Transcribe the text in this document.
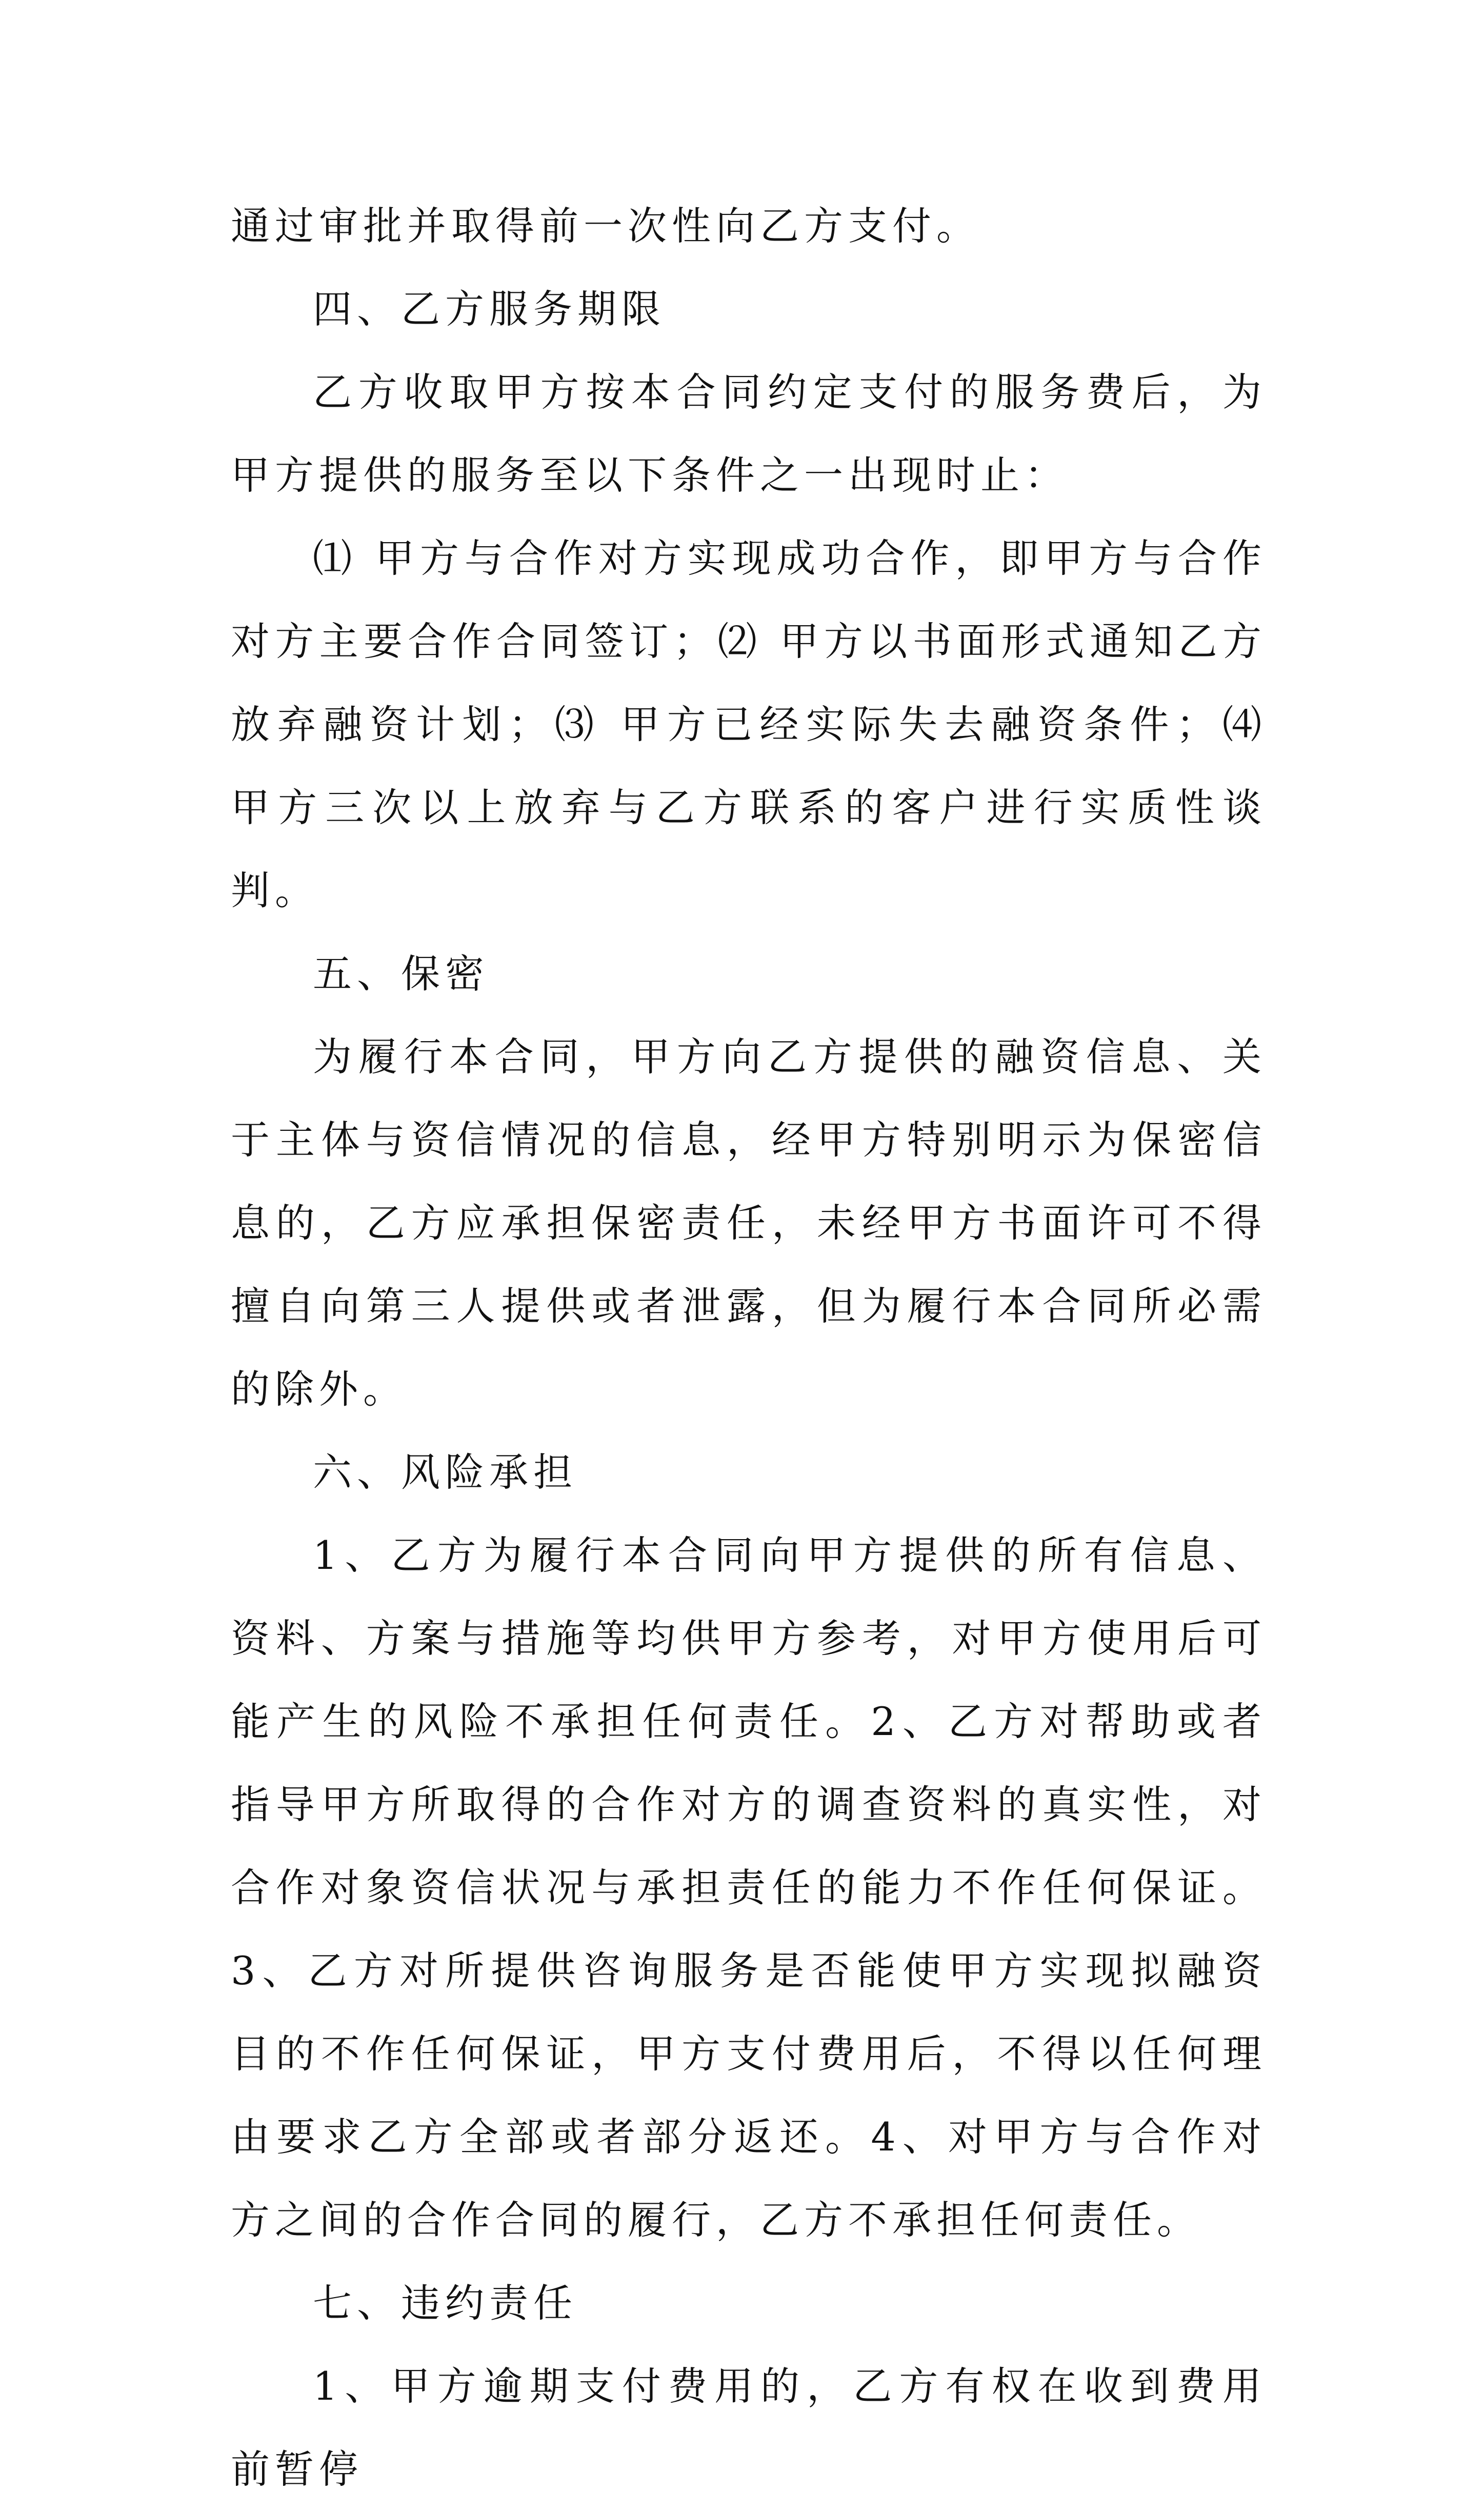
通过审批并取得前一次性向乙方支付。

四、乙方服务期限

乙方收取甲方按本合同约定支付的服务费后，为甲方提供的服务至以下条件之一出现时止：

⑴ 甲方与合作对方实现成功合作，即甲方与合作对方主要合作合同签订；⑵ 甲方以书面形式通知乙方放弃融资计划；⑶ 甲方已经实际失去融资条件；⑷ 甲方三次以上放弃与乙方联系的客户进行实质性谈判。

五、保密

为履行本合同，甲方向乙方提供的融资信息、关于主体与资信情况的信息，经甲方特别明示为保密信息的，乙方应承担保密责任，未经甲方书面许可不得擅自向第三人提供或者泄露，但为履行本合同所必需的除外。

六、风险承担

1、乙方为履行本合同向甲方提供的所有信息、资料、方案与措施等均供甲方参考，对甲方使用后可能产生的风险不承担任何责任。2、乙方对帮助或者指导甲方所取得的合作对方的调查资料的真实性，对合作对象资信状况与承担责任的能力不作任何保证。3、乙方对所提供咨询服务是否能使甲方实现拟融资目的不作任何保证，甲方支付费用后，不得以任何理由要求乙方全部或者部分返还。4、对甲方与合作对方之间的合作合同的履行，乙方不承担任何责任。

七、违约责任

1、甲方逾期支付费用的，乙方有权在收到费用前暂停
